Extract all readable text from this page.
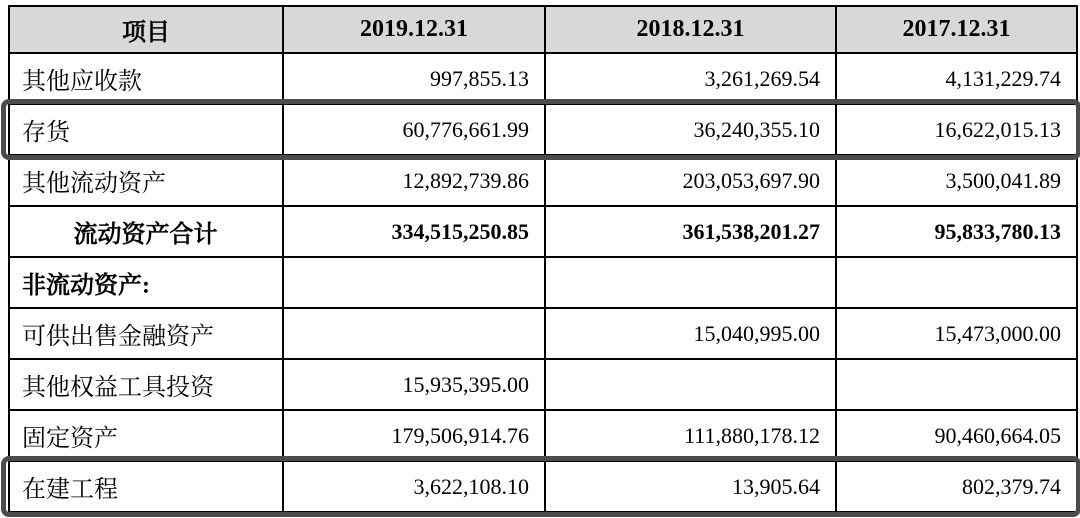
项目	2019.12.31	2018.12.31	2017.12.31
其他应收款	997,855.13	3,261,269.54	4,131,229.74
存货	60,776,661.99	36,240,355.10	16,622,015.13
其他流动资产	12,892,739.86	203,053,697.90	3,500,041.89
流动资产合计	334,515,250.85	361,538,201.27	95,833,780.13
非流动资产:			
可供出售金融资产		15,040,995.00	15,473,000.00
其他权益工具投资	15,935,395.00		
固定资产	179,506,914.76	111,880,178.12	90,460,664.05
在建工程	3,622,108.10	13,905.64	802,379.74
